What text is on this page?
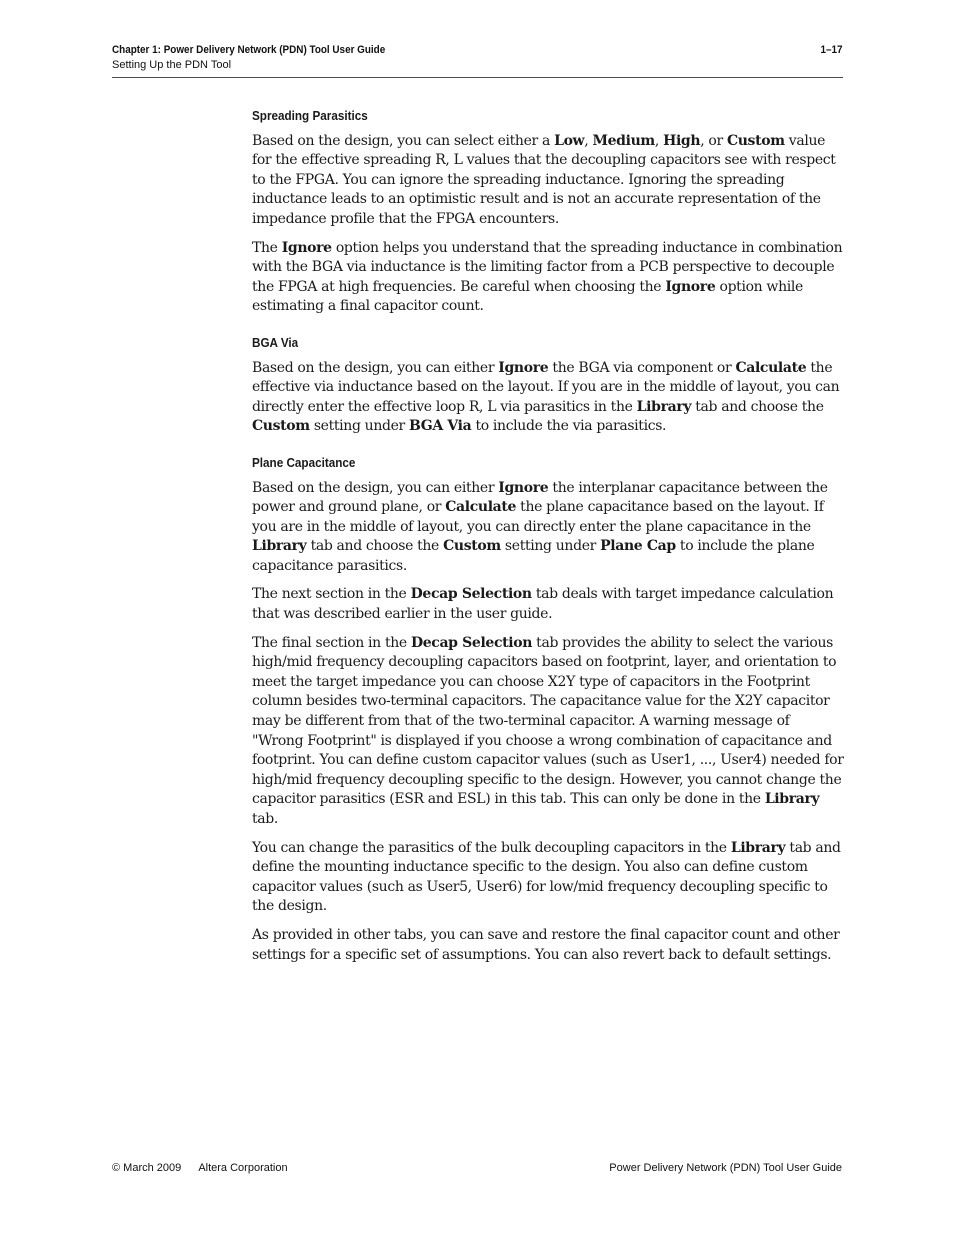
Chapter 1: Power Delivery Network (PDN) Tool User Guide	1–17
Setting Up the PDN Tool
Spreading Parasitics

Based on the design, you can select either a Low, Medium, High, or Custom value for the effective spreading R, L values that the decoupling capacitors see with respect to the FPGA. You can ignore the spreading inductance. Ignoring the spreading inductance leads to an optimistic result and is not an accurate representation of the impedance profile that the FPGA encounters.

The Ignore option helps you understand that the spreading inductance in combination with the BGA via inductance is the limiting factor from a PCB perspective to decouple the FPGA at high frequencies. Be careful when choosing the Ignore option while estimating a final capacitor count.

BGA Via

Based on the design, you can either Ignore the BGA via component or Calculate the effective via inductance based on the layout. If you are in the middle of layout, you can directly enter the effective loop R, L via parasitics in the Library tab and choose the Custom setting under BGA Via to include the via parasitics.

Plane Capacitance

Based on the design, you can either Ignore the interplanar capacitance between the power and ground plane, or Calculate the plane capacitance based on the layout. If you are in the middle of layout, you can directly enter the plane capacitance in the Library tab and choose the Custom setting under Plane Cap to include the plane capacitance parasitics.

The next section in the Decap Selection tab deals with target impedance calculation that was described earlier in the user guide.

The final section in the Decap Selection tab provides the ability to select the various high/mid frequency decoupling capacitors based on footprint, layer, and orientation to meet the target impedance you can choose X2Y type of capacitors in the Footprint column besides two-terminal capacitors. The capacitance value for the X2Y capacitor may be different from that of the two-terminal capacitor. A warning message of "Wrong Footprint" is displayed if you choose a wrong combination of capacitance and footprint. You can define custom capacitor values (such as User1, ..., User4) needed for high/mid frequency decoupling specific to the design. However, you cannot change the capacitor parasitics (ESR and ESL) in this tab. This can only be done in the Library tab.

You can change the parasitics of the bulk decoupling capacitors in the Library tab and define the mounting inductance specific to the design. You also can define custom capacitor values (such as User5, User6) for low/mid frequency decoupling specific to the design.

As provided in other tabs, you can save and restore the final capacitor count and other settings for a specific set of assumptions. You can also revert back to default settings.

© March 2009 Altera Corporation	Power Delivery Network (PDN) Tool User Guide
